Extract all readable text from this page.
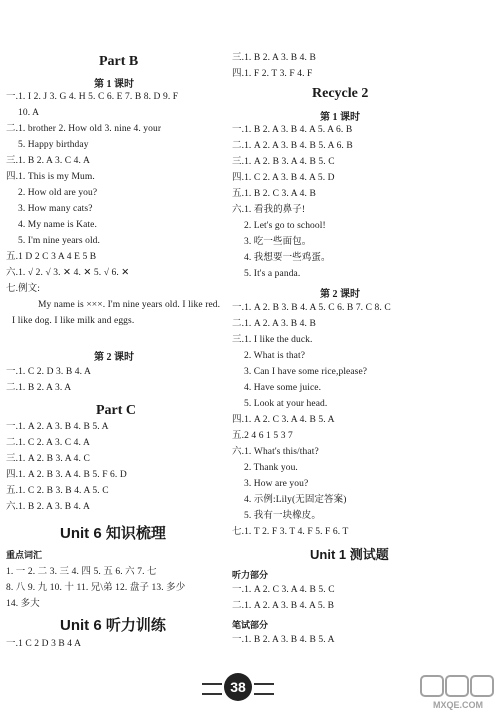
Part B
第 1 课时
一.1. I 2. J 3. G 4. H 5. C 6. E 7. B 8. D 9. F
10. A
二.1. brother 2. How old 3. nine 4. your
5. Happy birthday
三.1. B 2. A 3. C 4. A
四.1. This is my Mum.
2. How old are you?
3. How many cats?
4. My name is Kate.
5. I'm nine years old.
五.1 D 2 C 3 A 4 E 5 B
六.1. √ 2. √ 3. ✕ 4. ✕ 5. √ 6. ✕
七.例文:
My name is ×××. I'm nine years old. I like red.
I like dog. I like milk and eggs.
第 2 课时
一.1. C 2. D 3. B 4. A
二.1. B 2. A 3. A
Part C
一.1. A 2. A 3. B 4. B 5. A
二.1. C 2. A 3. C 4. A
三.1. A 2. B 3. A 4. C
四.1. A 2. B 3. A 4. B 5. F 6. D
五.1. C 2. B 3. B 4. A 5. C
六.1. B 2. A 3. B 4. A
Unit 6 知识梳理
重点词汇
1. 一 2. 二 3. 三 4. 四 5. 五 6. 六 7. 七
8. 八 9. 九 10. 十 11. 兄\弟 12. 盘子 13. 多少
14. 多大
Unit 6 听力训练
一.1 C 2 D 3 B 4 A
三.1. B 2. A 3. B 4. B
四.1. F 2. T 3. F 4. F
Recycle 2
第 1 课时
一.1. B 2. A 3. B 4. A 5. A 6. B
二.1. A 2. A 3. B 4. B 5. A 6. B
三.1. A 2. B 3. A 4. B 5. C
四.1. C 2. A 3. B 4. A 5. D
五.1. B 2. C 3. A 4. B
六.1. 看我的鼻子!
2. Let's go to school!
3. 吃一些面包。
4. 我想要一些鸡蛋。
5. It's a panda.
第 2 课时
一.1. A 2. B 3. B 4. A 5. C 6. B 7. C 8. C
二.1. A 2. A 3. B 4. B
三.1. I like the duck.
2. What is that?
3. Can I have some rice,please?
4. Have some juice.
5. Look at your head.
四.1. A 2. C 3. A 4. B 5. A
五.2 4 6 1 5 3 7
六.1. What's this/that?
2. Thank you.
3. How are you?
4. 示例:Lily(无固定答案)
5. 我有一块橡皮。
七.1. T 2. F 3. T 4. F 5. F 6. T
Unit 1 测试题
听力部分
一.1. A 2. C 3. A 4. B 5. C
二.1. A 2. A 3. B 4. A 5. B
笔试部分
一.1. B 2. A 3. B 4. B 5. A
38
MXQE.COM
